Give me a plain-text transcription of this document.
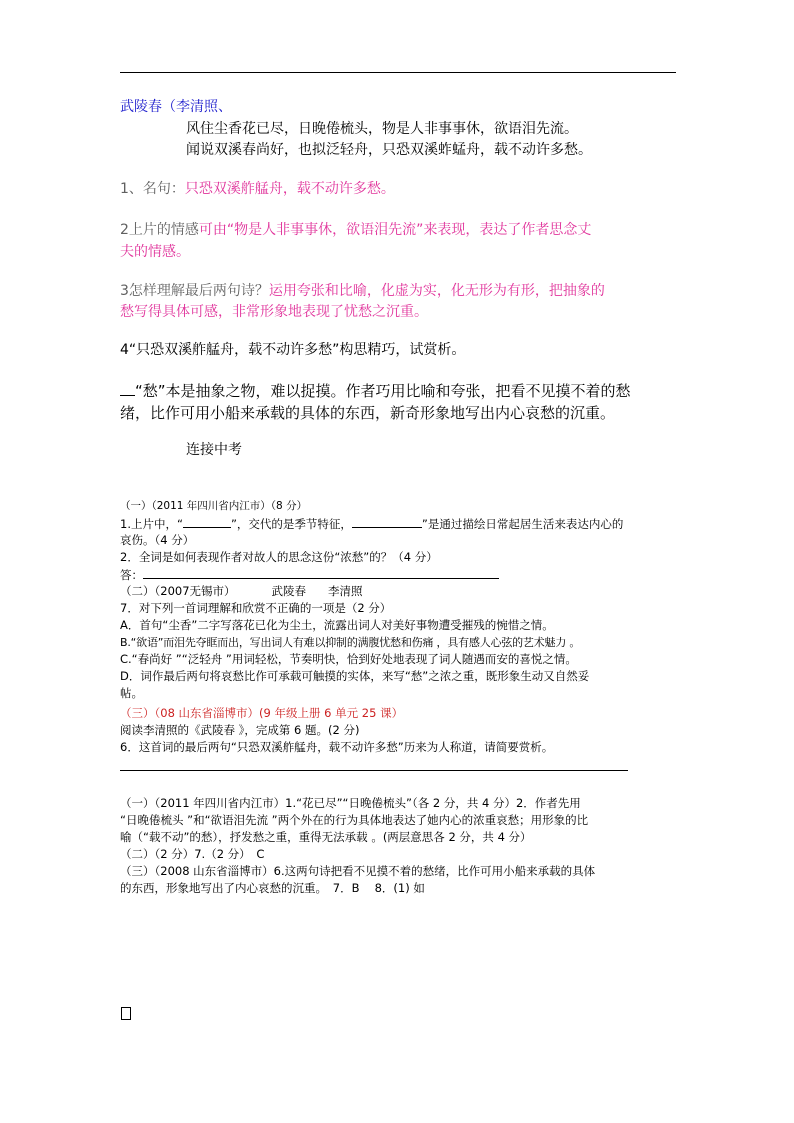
武陵春（李清照、
风住尘香花已尽，日晚倦梳头，物是人非事事休，欲语泪先流。
闻说双溪春尚好，也拟泛轻舟，只恐双溪蚱蜢舟，载不动许多愁。
1、名句：只恐双溪舴艋舟，载不动许多愁。
2上片的情感可由“物是人非事事休，欲语泪先流”来表现，表达了作者思念丈
夫的情感。
3怎样理解最后两句诗？运用夸张和比喻，化虚为实，化无形为有形，把抽象的
愁写得具体可感，非常形象地表现了忧愁之沉重。
4“只恐双溪舴艋舟，载不动许多愁”构思精巧，试赏析。
“愁”本是抽象之物，难以捉摸。作者巧用比喻和夸张，把看不见摸不着的愁
绪，比作可用小船来承载的具体的东西，新奇形象地写出内心哀愁的沉重。
连接中考
（一）（2011 年四川省内江市）（8 分）
1.上片中，“	”，交代的是季节特征，	”是通过描绘日常起居生活来表达内心的
哀伤。（4 分）
2．全词是如何表现作者对故人的思念这份“浓愁”的？（4 分）
答：
（二）（2007无锡市）	武陵春 李清照
7．对下列一首词理解和欣赏不正确的一项是（2 分）
A．首句“尘香”二字写落花已化为尘土，流露出词人对美好事物遭受摧残的惋惜之情。
B.“欲语”而泪先夺眶而出，写出词人有难以抑制的满腹忧愁和伤痛 ，具有感人心弦的艺术魅力 。
C.“春尚好 ”“泛轻舟 ”用词轻松，节奏明快，恰到好处地表现了词人随遇而安的喜悦之情。
D．词作最后两句将哀愁比作可承载可触摸的实体，来写“愁”之浓之重，既形象生动又自然妥
帖。
（三）（08 山东省淄博市）(9 年级上册 6 单元 25 课）
阅读李清照的《武陵春 》，完成第 6 题。(2 分)
6．这首词的最后两句“只恐双溪舴艋舟，载不动许多愁”历来为人称道，请简要赏析。
（一）（2011 年四川省内江市）1.“花已尽”“日晚倦梳头”（各 2 分，共 4 分）2．作者先用
“日晚倦梳头 ”和“欲语泪先流 ”两个外在的行为具体地表达了她内心的浓重哀愁；用形象的比
喻（“载不动”的愁），抒发愁之重，重得无法承载 。(两层意思各 2 分，共 4 分）
（二）（2 分）7.（2 分）　C
（三）（2008 山东省淄博市）6.这两句诗把看不见摸不着的愁绪，比作可用小船来承载的具体
的东西，形象地写出了内心哀愁的沉重。　7．B　 8．(1) 如
